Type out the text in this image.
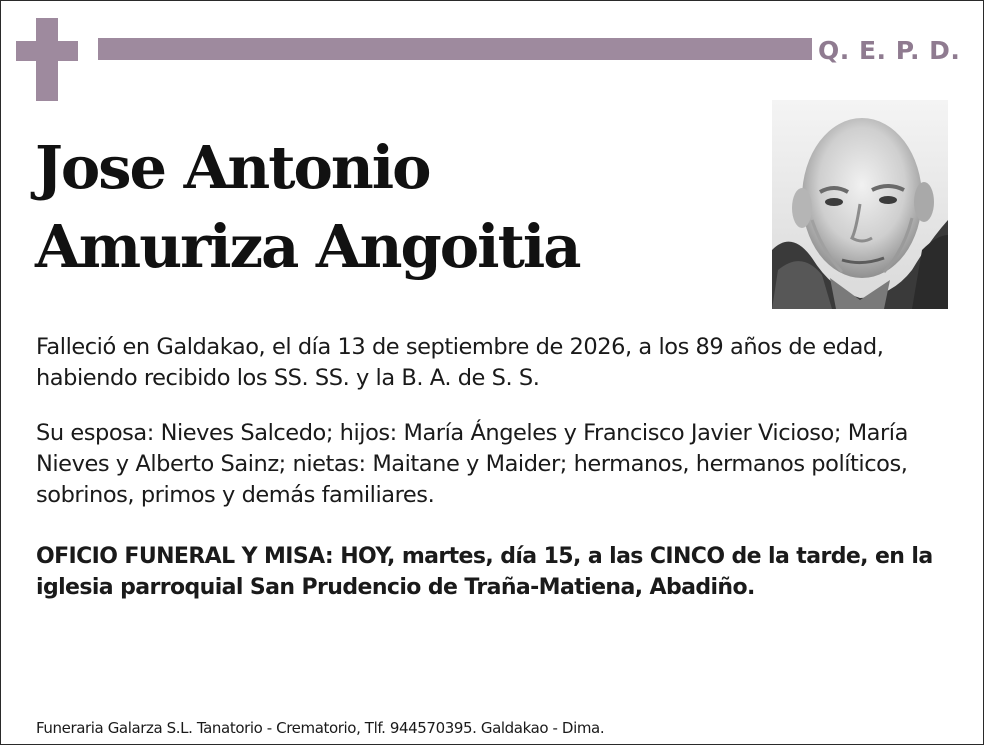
Q. E. P. D.
Jose Antonio
Amuriza Angoitia

Falleció en Galdakao, el día 13 de septiembre de 2026, a los 89 años de edad, habiendo recibido los SS. SS. y la B. A. de S. S.

Su esposa: Nieves Salcedo; hijos: María Ángeles y Francisco Javier Vicioso; María Nieves y Alberto Sainz; nietas: Maitane y Maider; hermanos, hermanos políticos, sobrinos, primos y demás familiares.

OFICIO FUNERAL Y MISA: HOY, martes, día 15, a las CINCO de la tarde, en la iglesia parroquial San Prudencio de Traña-Matiena, Abadiño.

Funeraria Galarza S.L. Tanatorio - Crematorio, Tlf. 944570395. Galdakao - Dima.
